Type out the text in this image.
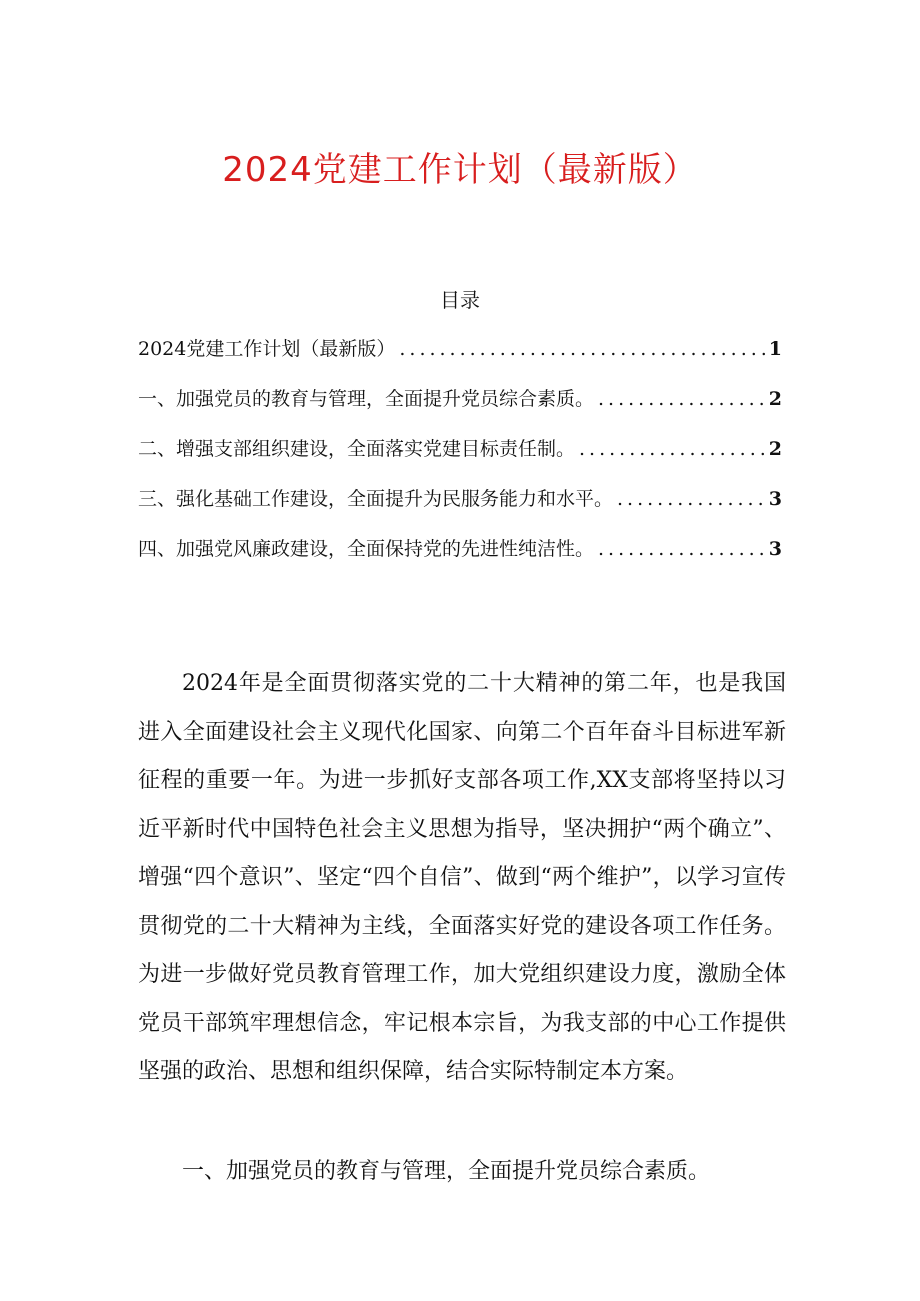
2024党建工作计划（最新版）
目录
2024党建工作计划（最新版） .....	1
一、加强党员的教育与管理，全面提升党员综合素质。 .....	2
二、增强支部组织建设，全面落实党建目标责任制。 .....	2
三、强化基础工作建设，全面提升为民服务能力和水平。 .....	3
四、加强党风廉政建设，全面保持党的先进性纯洁性。 .....	3
2024年是全面贯彻落实党的二十大精神的第二年，也是我国进入全面建设社会主义现代化国家、向第二个百年奋斗目标进军新征程的重要一年。为进一步抓好支部各项工作,XX支部将坚持以习近平新时代中国特色社会主义思想为指导，坚决拥护“两个确立”、增强“四个意识”、坚定“四个自信”、做到“两个维护”，以学习宣传贯彻党的二十大精神为主线，全面落实好党的建设各项工作任务。为进一步做好党员教育管理工作，加大党组织建设力度，激励全体党员干部筑牢理想信念，牢记根本宗旨，为我支部的中心工作提供坚强的政治、思想和组织保障，结合实际特制定本方案。
一、加强党员的教育与管理，全面提升党员综合素质。
